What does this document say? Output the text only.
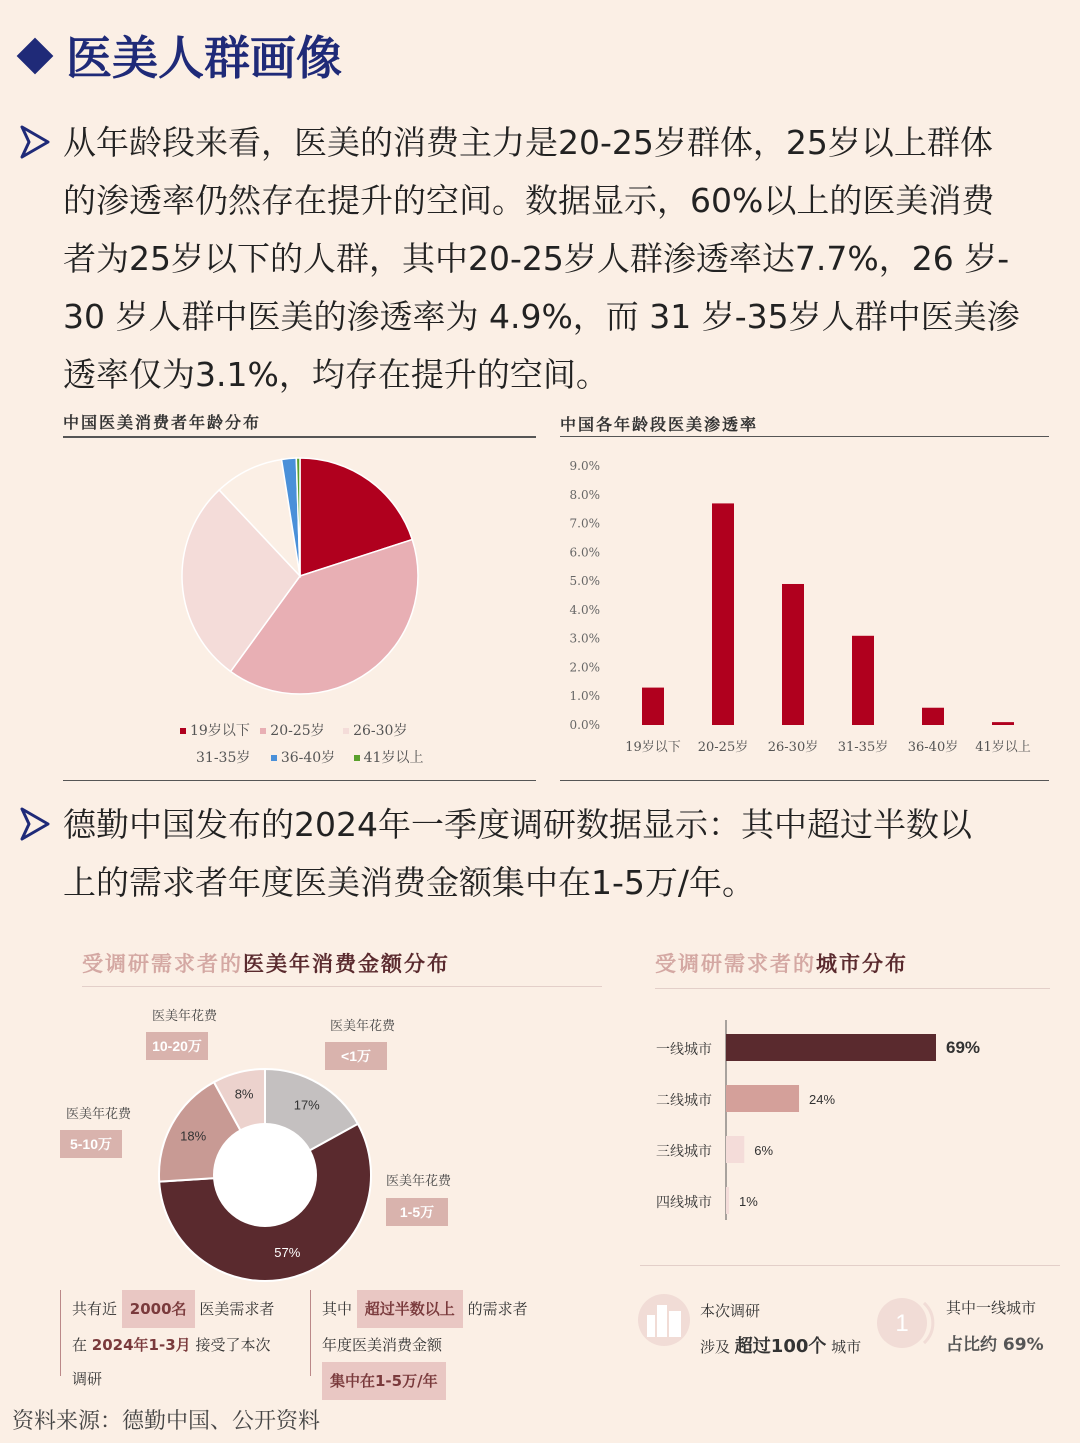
医美人群画像
从年龄段来看，医美的消费主力是20-25岁群体，25岁以上群体
的渗透率仍然存在提升的空间。数据显示，60%以上的医美消费
者为25岁以下的人群，其中20-25岁人群渗透率达7.7%，26 岁-
30 岁人群中医美的渗透率为 4.9%，而 31 岁-35岁人群中医美渗
透率仅为3.1%，均存在提升的空间。
中国医美消费者年龄分布
19岁以下 20-25岁 26-30岁
31-35岁 36-40岁 41岁以上
中国各年龄段医美渗透率
0.0%
1.0%
2.0%
3.0%
4.0%
5.0%
6.0%
7.0%
8.0%
9.0%
19岁以下 20-25岁 26-30岁 31-35岁 36-40岁 41岁以上
德勤中国发布的2024年一季度调研数据显示：其中超过半数以
上的需求者年度医美消费金额集中在1-5万/年。
受调研需求者的医美年消费金额分布
17%
57%
18%
8%
医美年花费
<1万
医美年花费
1-5万
医美年花费
5-10万
医美年花费
10-20万
共有近 2000名 医美需求者
在 2024年1-3月 接受了本次
调研
其中 超过半数以上 的需求者
年度医美消费金额
集中在1-5万/年
受调研需求者的城市分布
一线城市	69%
二线城市	24%
三线城市	6%
四线城市 1%
本次调研
涉及 超过100个 城市
1
其中一线城市
占比约 69%
资料来源：德勤中国、公开资料
